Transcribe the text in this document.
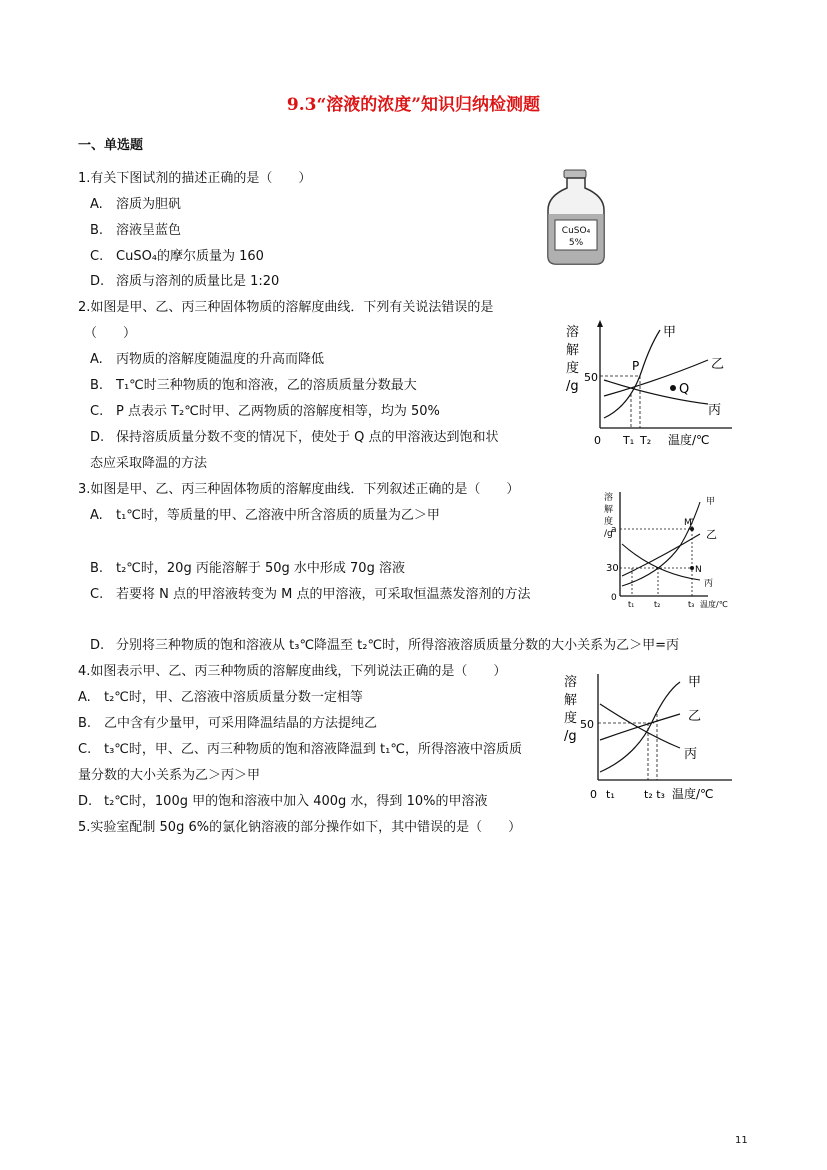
9.3“溶液的浓度”知识归纳检测题
一、单选题
1.有关下图试剂的描述正确的是（　　）
A. 溶质为胆矾
B. 溶液呈蓝色
C. CuSO₄的摩尔质量为 160
D. 溶质与溶剂的质量比是 1:20
CuSO₄
5%
2.如图是甲、乙、丙三种固体物质的溶解度曲线．下列有关说法错误的是
（　　）
A. 丙物质的溶解度随温度的升高而降低
B. T₁℃时三种物质的饱和溶液，乙的溶质质量分数最大
C. P 点表示 T₂℃时甲、乙两物质的溶解度相等，均为 50%
D. 保持溶质质量分数不变的情况下，使处于 Q 点的甲溶液达到饱和状
态应采取降温的方法
溶
解
度
/g	Q
P
甲
乙
丙
50
0 T₁ T₂ 温度/℃
3.如图是甲、乙、丙三种固体物质的溶解度曲线．下列叙述正确的是（　　）
A. t₁℃时，等质量的甲、乙溶液中所含溶质的质量为乙＞甲
B. t₂℃时，20g 丙能溶解于 50g 水中形成 70g 溶液
C. 若要将 N 点的甲溶液转变为 M 点的甲溶液，可采取恒温蒸发溶剂的方法
D. 分别将三种物质的饱和溶液从 t₃℃降温至 t₂℃时，所得溶液溶质质量分数的大小关系为乙＞甲=丙
溶
解
度
/g
M
N
甲
乙
丙
a
30
0
t₁ t₂	t₃ 温度/℃
4.如图表示甲、乙、丙三种物质的溶解度曲线，下列说法正确的是（　　）
A. t₂℃时，甲、乙溶液中溶质质量分数一定相等
B. 乙中含有少量甲，可采用降温结晶的方法提纯乙
C. t₃℃时，甲、乙、丙三种物质的饱和溶液降温到 t₁℃，所得溶液中溶质质
量分数的大小关系为乙＞丙＞甲
D. t₂℃时，100g 甲的饱和溶液中加入 400g 水，得到 10%的甲溶液
溶
解
度
/g
甲
乙
丙
50
0 t₁	t₂ t₃ 温度/℃
5.实验室配制 50g 6%的氯化钠溶液的部分操作如下，其中错误的是（　　）
11
